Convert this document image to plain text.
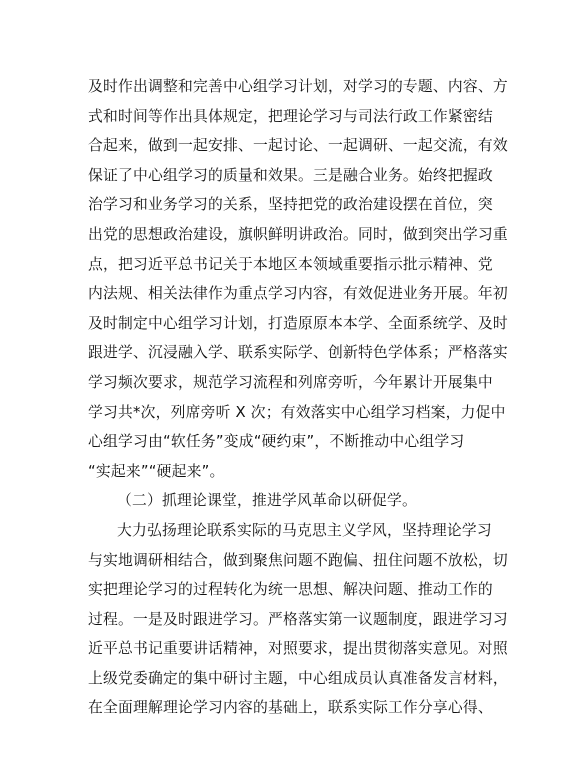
及时作出调整和完善中心组学习计划，对学习的专题、内容、方
式和时间等作出具体规定，把理论学习与司法行政工作紧密结
合起来，做到一起安排、一起讨论、一起调研、一起交流，有效
保证了中心组学习的质量和效果。三是融合业务。始终把握政
治学习和业务学习的关系，坚持把党的政治建设摆在首位，突
出党的思想政治建设，旗帜鲜明讲政治。同时，做到突出学习重
点，把习近平总书记关于本地区本领域重要指示批示精神、党
内法规、相关法律作为重点学习内容，有效促进业务开展。年初
及时制定中心组学习计划，打造原原本本学、全面系统学、及时
跟进学、沉浸融入学、联系实际学、创新特色学体系；严格落实
学习频次要求，规范学习流程和列席旁听，今年累计开展集中
学习共*次，列席旁听 X 次；有效落实中心组学习档案，力促中
心组学习由“软任务”变成“硬约束”，不断推动中心组学习
“实起来”“硬起来”。
（二）抓理论课堂，推进学风革命以研促学。
大力弘扬理论联系实际的马克思主义学风，坚持理论学习
与实地调研相结合，做到聚焦问题不跑偏、扭住问题不放松，切
实把理论学习的过程转化为统一思想、解决问题、推动工作的
过程。一是及时跟进学习。严格落实第一议题制度，跟进学习习
近平总书记重要讲话精神，对照要求，提出贯彻落实意见。对照
上级党委确定的集中研讨主题，中心组成员认真准备发言材料，
在全面理解理论学习内容的基础上，联系实际工作分享心得、
